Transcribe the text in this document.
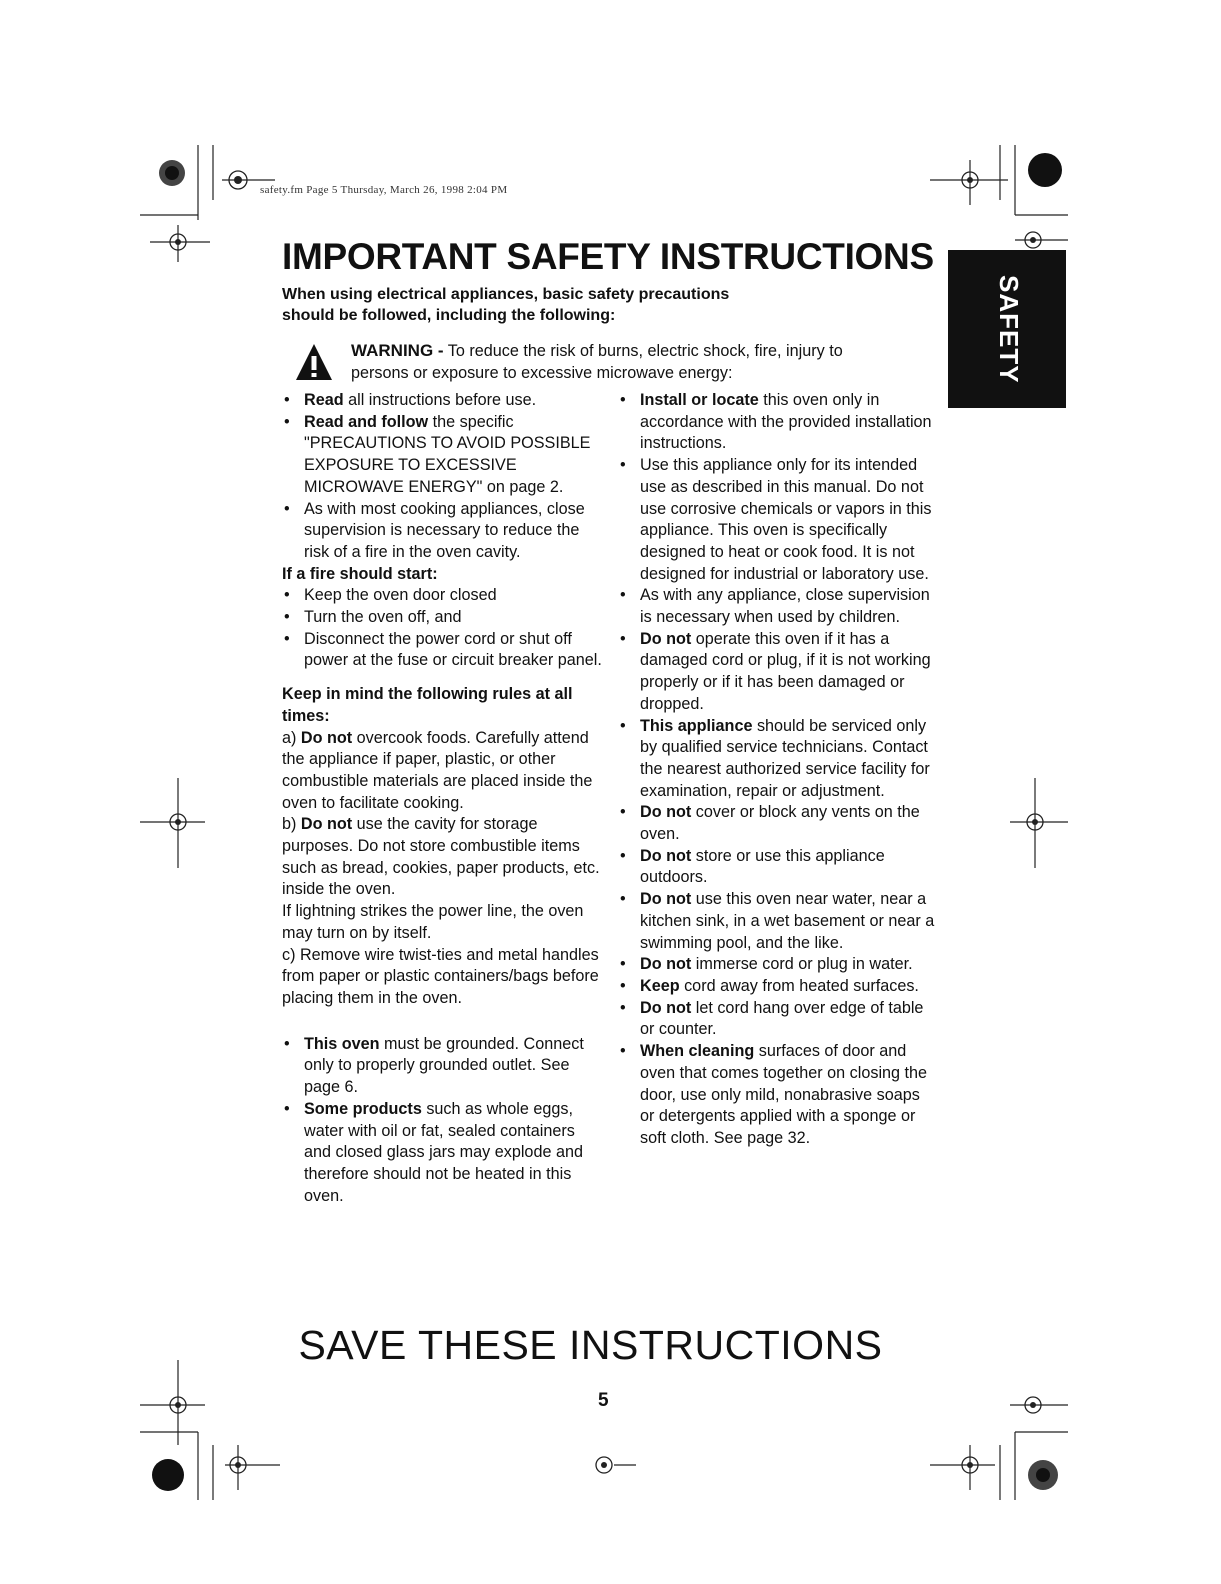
safety.fm Page 5 Thursday, March 26, 1998 2:04 PM
SAFETY
IMPORTANT SAFETY INSTRUCTIONS
When using electrical appliances, basic safety precautions
should be followed, including the following:
WARNING - To reduce the risk of burns, electric shock, fire, injury to
persons or exposure to excessive microwave energy:
• Read all instructions before use.
• Read and follow the specific "PRECAUTIONS TO AVOID POSSIBLE EXPOSURE TO EXCESSIVE MICROWAVE ENERGY" on page 2.
• As with most cooking appliances, close supervision is necessary to reduce the risk of a fire in the oven cavity.
If a fire should start:
• Keep the oven door closed
• Turn the oven off, and
• Disconnect the power cord or shut off power at the fuse or circuit breaker panel.
Keep in mind the following rules at all times:

a) Do not overcook foods. Carefully attend the appliance if paper, plastic, or other combustible materials are placed inside the oven to facilitate cooking.

b) Do not use the cavity for storage purposes. Do not store combustible items such as bread, cookies, paper products, etc. inside the oven.

If lightning strikes the power line, the oven may turn on by itself.

c) Remove wire twist-ties and metal handles from paper or plastic containers/bags before placing them in the oven.

• This oven must be grounded. Connect only to properly grounded outlet. See page 6.
• Some products such as whole eggs, water with oil or fat, sealed containers and closed glass jars may explode and therefore should not be heated in this oven.
• Install or locate this oven only in accordance with the provided installation instructions.
• Use this appliance only for its intended use as described in this manual. Do not use corrosive chemicals or vapors in this appliance. This oven is specifically designed to heat or cook food. It is not designed for industrial or laboratory use.
• As with any appliance, close supervision is necessary when used by children.
• Do not operate this oven if it has a damaged cord or plug, if it is not working properly or if it has been damaged or dropped.
• This appliance should be serviced only by qualified service technicians. Contact the nearest authorized service facility for examination, repair or adjustment.
• Do not cover or block any vents on the oven.
• Do not store or use this appliance outdoors.
• Do not use this oven near water, near a kitchen sink, in a wet basement or near a swimming pool, and the like.
• Do not immerse cord or plug in water.
• Keep cord away from heated surfaces.
• Do not let cord hang over edge of table or counter.
• When cleaning surfaces of door and oven that comes together on closing the door, use only mild, nonabrasive soaps or detergents applied with a sponge or soft cloth. See page 32.
SAVE THESE INSTRUCTIONS
5
